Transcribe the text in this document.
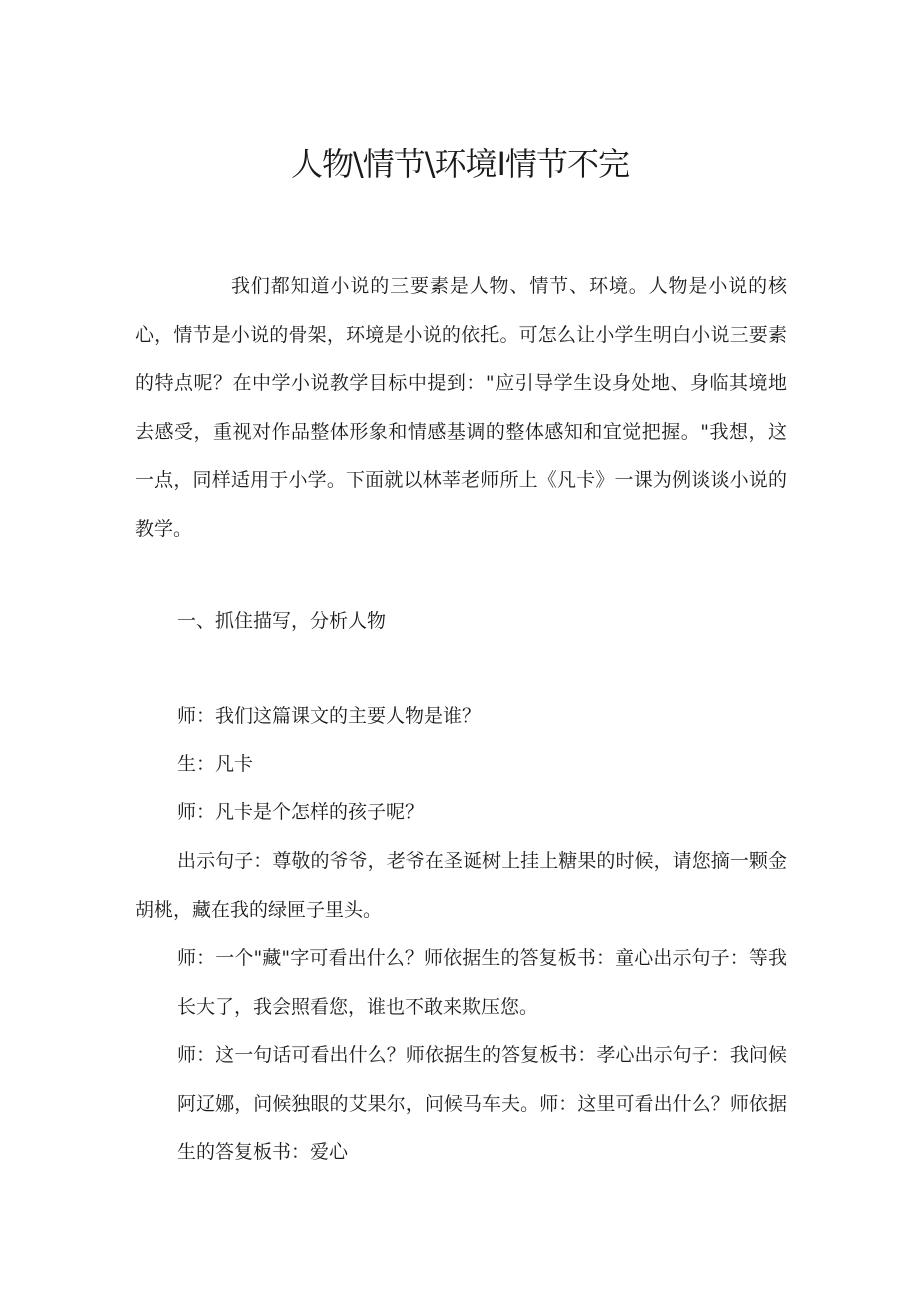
人物\情节\环境I情节不完

我们都知道小说的三要素是人物、情节、环境。人物是小说的核心，情节是小说的骨架，环境是小说的依托。可怎么让小学生明白小说三要素的特点呢？在中学小说教学目标中提到："应引导学生设身处地、身临其境地去感受，重视对作品整体形象和情感基调的整体感知和宜觉把握。"我想，这一点，同样适用于小学。下面就以林莘老师所上《凡卡》一课为例谈谈小说的教学。

一、抓住描写，分析人物

师：我们这篇课文的主要人物是谁？

生：凡卡

师：凡卡是个怎样的孩子呢？

出示句子：尊敬的爷爷，老爷在圣诞树上挂上糖果的时候，请您摘一颗金胡桃，藏在我的绿匣子里头。

师：一个"藏"字可看出什么？师依据生的答复板书：童心出示句子：等我长大了，我会照看您，谁也不敢来欺压您。

师：这一句话可看出什么？师依据生的答复板书：孝心出示句子：我问候阿辽娜，问候独眼的艾果尔，问候马车夫。师：这里可看出什么？师依据生的答复板书：爱心
